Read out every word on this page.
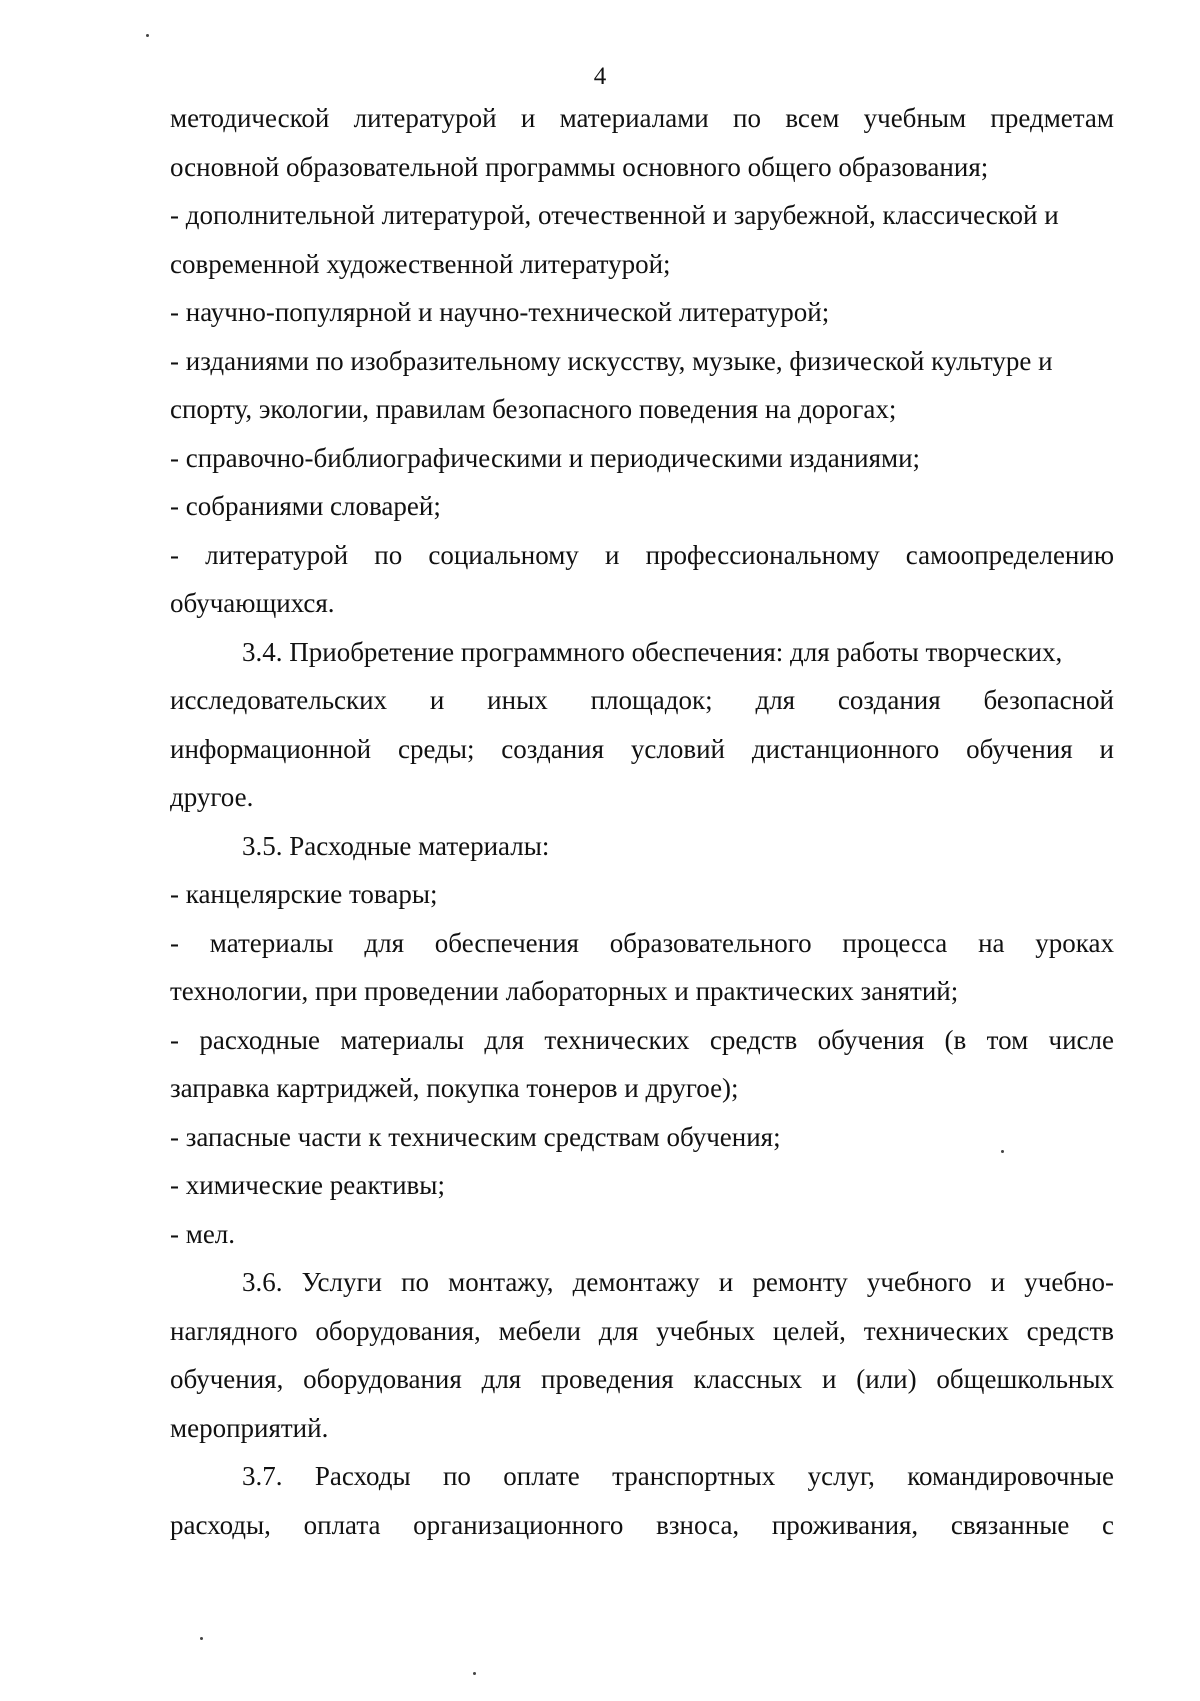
4
методической литературой и материалами по всем учебным предметам
основной образовательной программы основного общего образования;
- дополнительной литературой, отечественной и зарубежной, классической и
современной художественной литературой;
- научно-популярной и научно-технической литературой;
- изданиями по изобразительному искусству, музыке, физической культуре и
спорту, экологии, правилам безопасного поведения на дорогах;
- справочно-библиографическими и периодическими изданиями;
- собраниями словарей;
- литературой по социальному и профессиональному самоопределению
обучающихся.
3.4. Приобретение программного обеспечения: для работы творческих,
исследовательских и иных площадок; для создания безопасной
информационной среды; создания условий дистанционного обучения и
другое.
3.5. Расходные материалы:
- канцелярские товары;
- материалы для обеспечения образовательного процесса на уроках
технологии, при проведении лабораторных и практических занятий;
- расходные материалы для технических средств обучения (в том числе
заправка картриджей, покупка тонеров и другое);
- запасные части к техническим средствам обучения;
- химические реактивы;
- мел.
3.6. Услуги по монтажу, демонтажу и ремонту учебного и учебно-
наглядного оборудования, мебели для учебных целей, технических средств
обучения, оборудования для проведения классных и (или) общешкольных
мероприятий.
3.7. Расходы по оплате транспортных услуг, командировочные
расходы, оплата организационного взноса, проживания, связанные с
